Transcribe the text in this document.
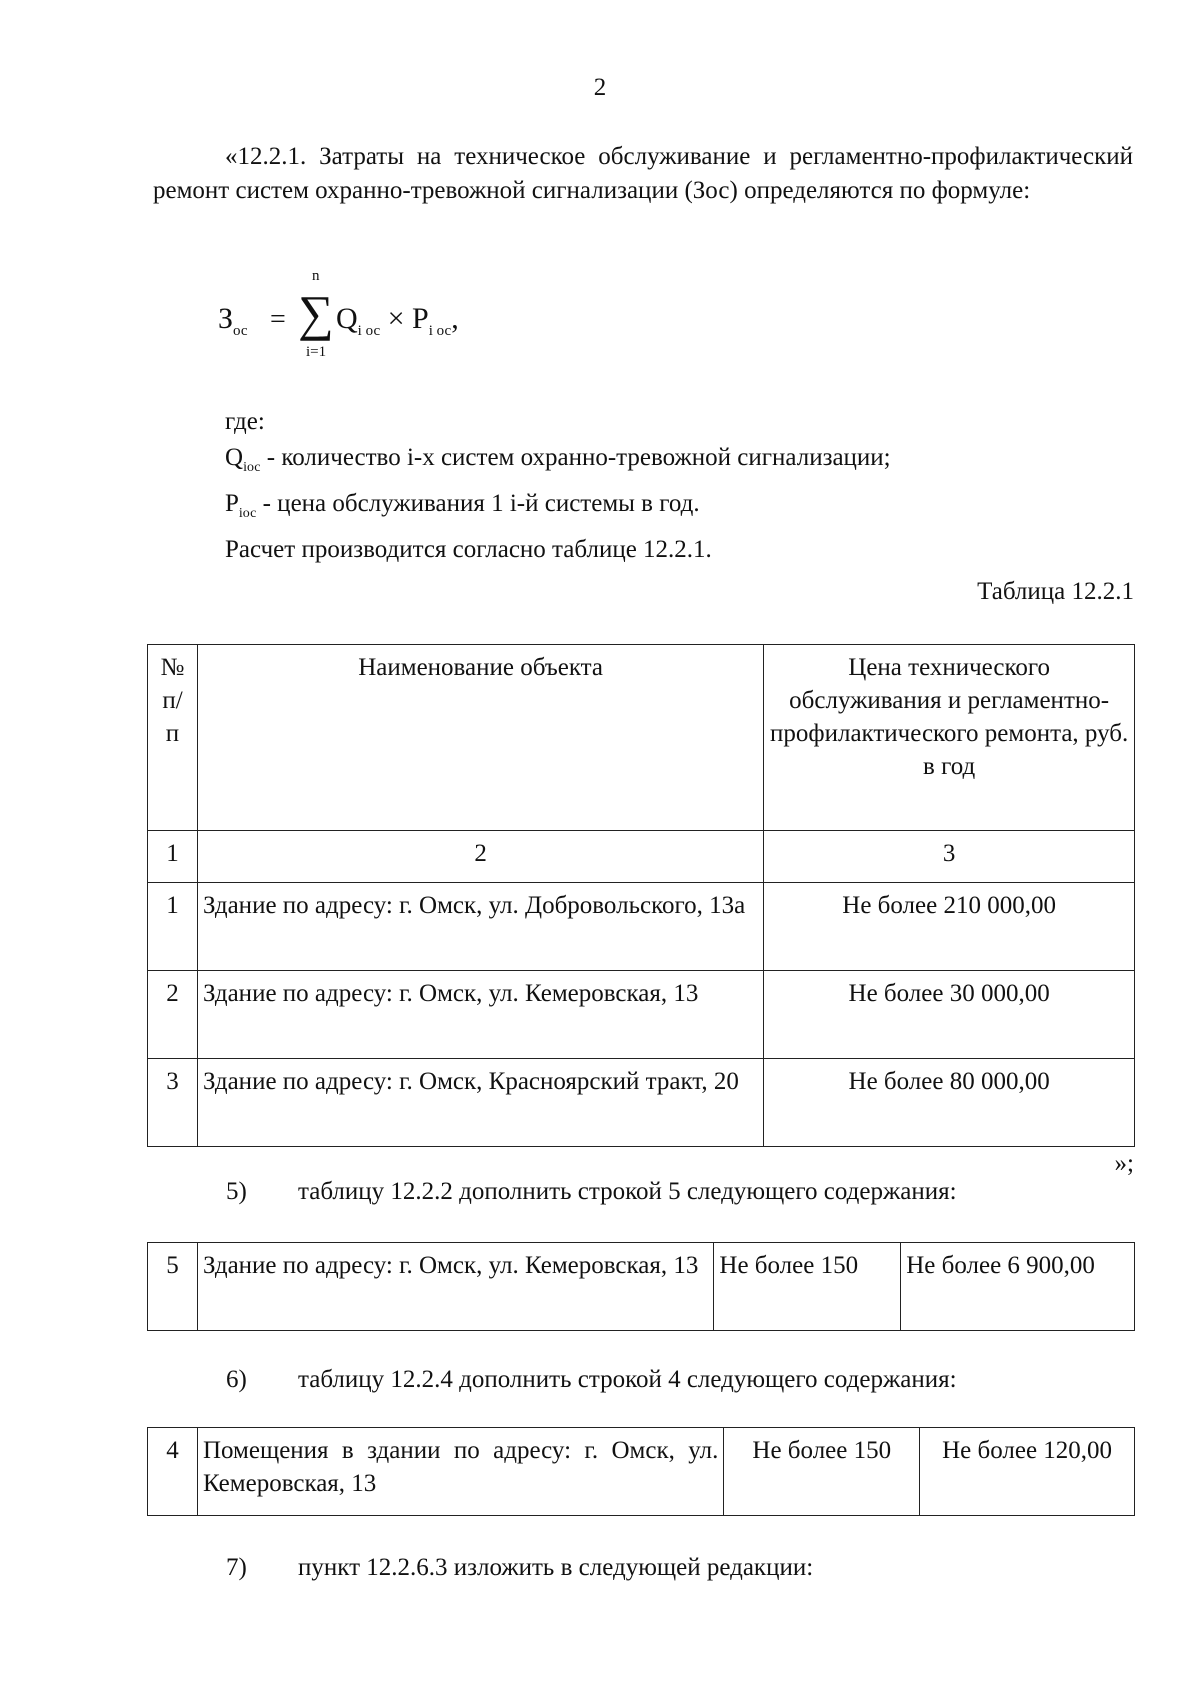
2
«12.2.1. Затраты на техническое обслуживание и регламентно-профилактический ремонт систем охранно-тревожной сигнализации (Зос) определяются по формуле:
$З_{ос}$ =
n
∑
i=1
$Q_{i ос} \times P_{i ос}$,
где:
$Q_{iос}$ - количество i-х систем охранно-тревожной сигнализации;
$P_{iос}$ - цена обслуживания 1 i-й системы в год.
Расчет производится согласно таблице 12.2.1.
Таблица 12.2.1
№ п/ п	Наименование объекта	Цена технического обслуживания и регламентно-профилактического ремонта, руб. в год
1	2	3
1	Здание по адресу: г. Омск, ул. Добровольского, 13а	Не более 210 000,00
2	Здание по адресу: г. Омск, ул. Кемеровская, 13	Не более 30 000,00
3	Здание по адресу: г. Омск, Красноярский тракт, 20	Не более 80 000,00
»;
5) таблицу 12.2.2 дополнить строкой 5 следующего содержания:
5	Здание по адресу: г. Омск, ул. Кемеровская, 13	Не более 150	Не более 6 900,00
6) таблицу 12.2.4 дополнить строкой 4 следующего содержания:
4	Помещения в здании по адресу: г. Омск, ул. Кемеровская, 13	Не более 150	Не более 120,00
7) пункт 12.2.6.3 изложить в следующей редакции:
